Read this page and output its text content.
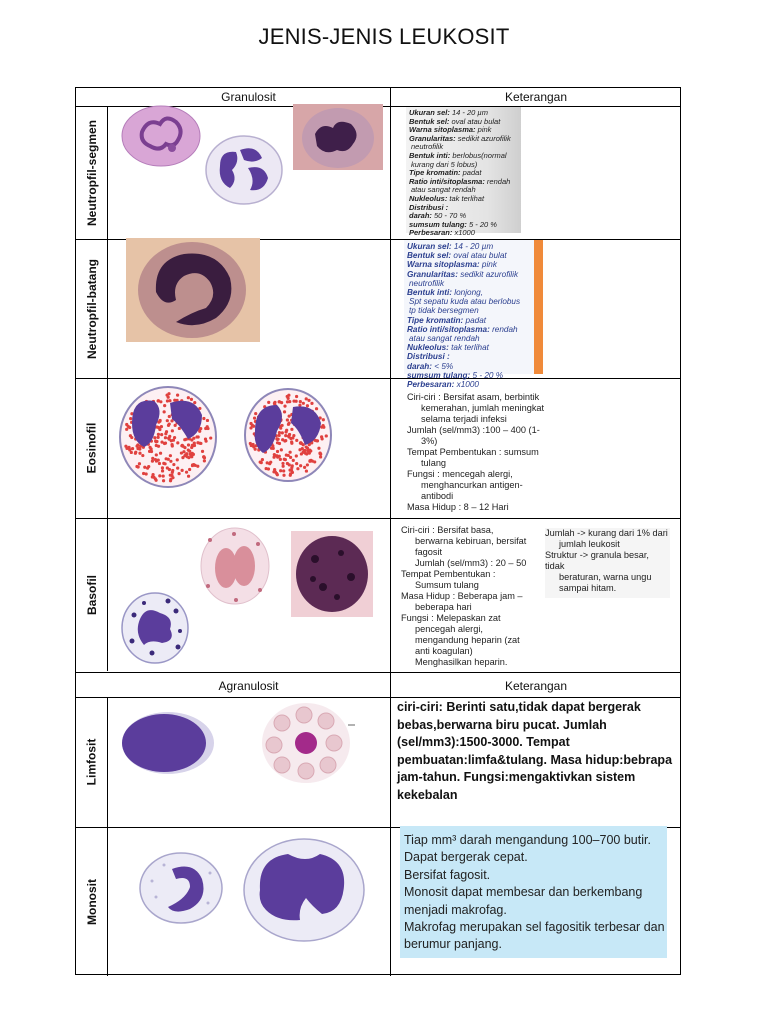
JENIS-JENIS LEUKOSIT
Granulosit	Keterangan
Agranulosit	Keterangan
Neutropfil-segmen
Neutropfil-batang
Eosinofil
Basofil
Limfosit
Monosit
Ukuran sel: 14 - 20 µm
Bentuk sel: oval atau bulat
Warna sitoplasma: pink
Granularitas: sedikit azurofilik
neutrofilik
Bentuk inti: berlobus(normal
kurang dari 5 lobus)
Tipe kromatin: padat
Ratio inti/sitoplasma: rendah
atau sangat rendah
Nukleolus: tak terlihat
Distribusi :
darah: 50 - 70 %
sumsum tulang: 5 - 20 %
Perbesaran: x1000
Ukuran sel: 14 - 20 µm
Bentuk sel: oval atau bulat
Warna sitoplasma: pink
Granularitas: sedikit azurofilik
neutrofilik
Bentuk inti: lonjong,
Spt sepatu kuda atau berlobus
tp tidak bersegmen
Tipe kromatin: padat
Ratio inti/sitoplasma: rendah
atau sangat rendah
Nukleolus: tak terlihat
Distribusi :
darah: < 5%
sumsum tulang: 5 - 20 %
Perbesaran: x1000
Ciri-ciri : Bersifat asam, berbintik
kemerahan, jumlah meningkat
selama terjadi infeksi
Jumlah (sel/mm3) :100 – 400 (1-
3%)
Tempat Pembentukan : sumsum
tulang
Fungsi : mencegah alergi,
menghancurkan antigen-
antibodi
Masa Hidup : 8 – 12 Hari
Ciri-ciri : Bersifat basa,
berwarna kebiruan, bersifat
fagosit
Jumlah (sel/mm3) : 20 – 50
Tempat Pembentukan :
Sumsum tulang
Masa Hidup : Beberapa jam –
beberapa hari
Fungsi : Melepaskan zat
pencegah alergi,
mengandung heparin (zat
anti koagulan)
Menghasilkan heparin.
Jumlah -> kurang dari 1% dari
jumlah leukosit
Struktur -> granula besar, tidak
beraturan, warna ungu
sampai hitam.
ciri-ciri: Berinti satu,tidak dapat bergerak
bebas,berwarna biru pucat. Jumlah
(sel/mm3):1500-3000. Tempat
pembuatan:limfa&tulang. Masa hidup:bebrapa
jam-tahun. Fungsi:mengaktivkan sistem
kekebalan
Tiap mm³ darah mengandung 100–700 butir.
Dapat bergerak cepat.
Bersifat fagosit.
Monosit dapat membesar dan berkembang menjadi makrofag.
Makrofag merupakan sel fagositik terbesar dan berumur panjang.
